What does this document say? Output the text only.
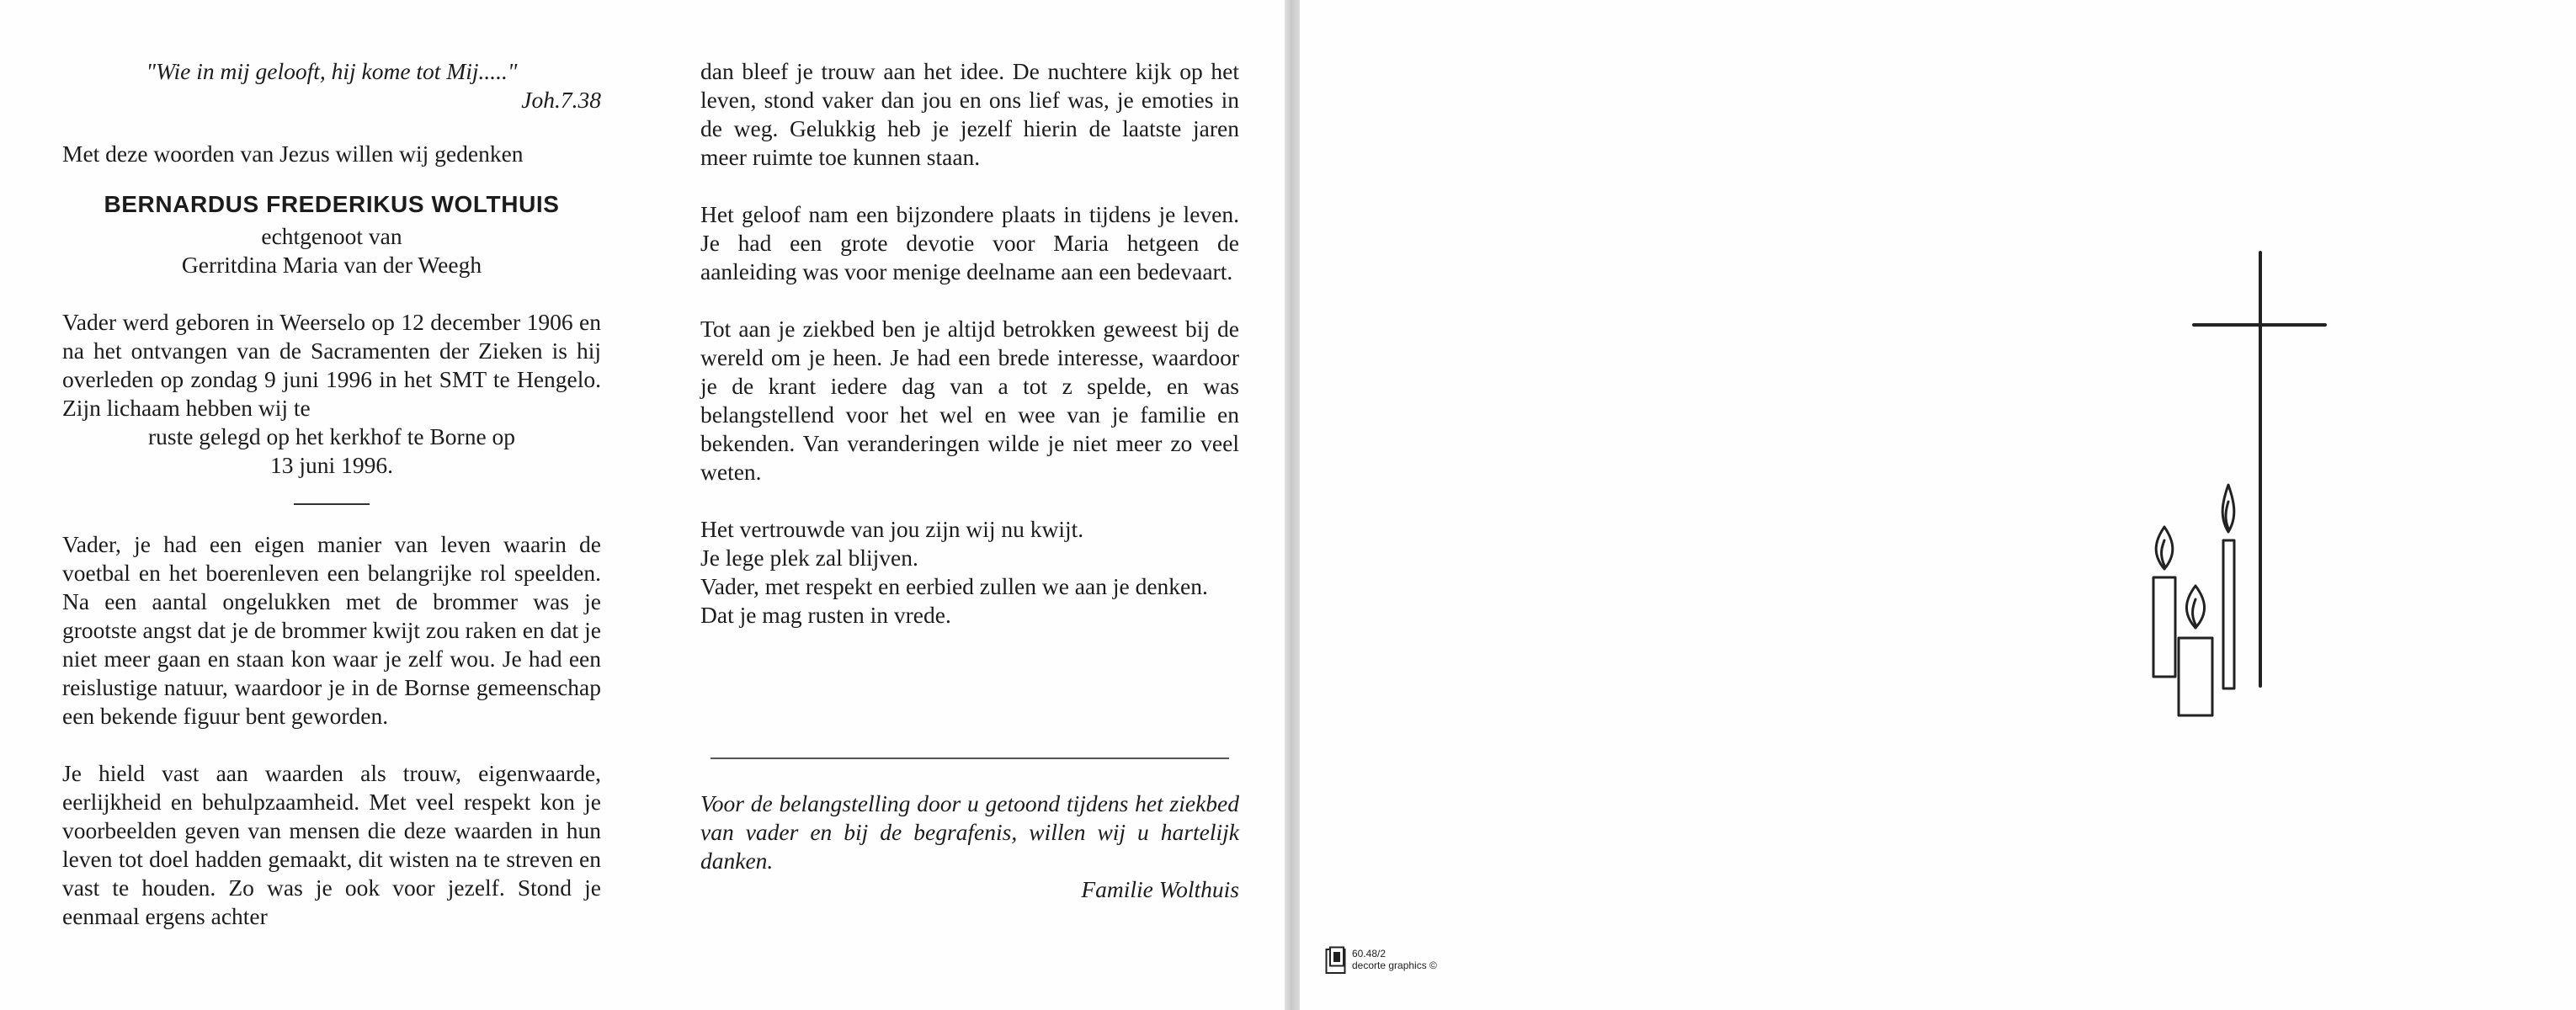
"Wie in mij gelooft, hij kome tot Mij....."

Joh.7.38

Met deze woorden van Jezus willen wij gedenken

BERNARDUS FREDERIKUS WOLTHUIS

echtgenoot van

Gerritdina Maria van der Weegh

Vader werd geboren in Weerselo op 12 december 1906 en na het ontvangen van de Sacramenten der Zieken is hij overleden op zondag 9 juni 1996 in het SMT te Hengelo. Zijn lichaam hebben wij te

ruste gelegd op het kerkhof te Borne op

13 juni 1996.

Vader, je had een eigen manier van leven waarin de voetbal en het boerenleven een belangrijke rol speelden. Na een aantal ongelukken met de brommer was je grootste angst dat je de brommer kwijt zou raken en dat je niet meer gaan en staan kon waar je zelf wou. Je had een reislustige natuur, waardoor je in de Bornse gemeenschap een bekende figuur bent geworden.

Je hield vast aan waarden als trouw, eigenwaarde, eerlijkheid en behulpzaamheid. Met veel respekt kon je voorbeelden geven van mensen die deze waarden in hun leven tot doel hadden gemaakt, dit wisten na te streven en vast te houden. Zo was je ook voor jezelf. Stond je eenmaal ergens achter

dan bleef je trouw aan het idee. De nuchtere kijk op het leven, stond vaker dan jou en ons lief was, je emoties in de weg. Gelukkig heb je jezelf hierin de laatste jaren meer ruimte toe kunnen staan.

Het geloof nam een bijzondere plaats in tijdens je leven. Je had een grote devotie voor Maria hetgeen de aanleiding was voor menige deelname aan een bedevaart.

Tot aan je ziekbed ben je altijd betrokken geweest bij de wereld om je heen. Je had een brede interesse, waardoor je de krant iedere dag van a tot z spelde, en was belangstellend voor het wel en wee van je familie en bekenden. Van veranderingen wilde je niet meer zo veel weten.

Het vertrouwde van jou zijn wij nu kwijt.
Je lege plek zal blijven.
Vader, met respekt en eerbied zullen we aan je denken.
Dat je mag rusten in vrede.

Voor de belangstelling door u getoond tijdens het ziekbed van vader en bij de begrafenis, willen wij u hartelijk danken.

Familie Wolthuis

60.48/2
decorte graphics ©
